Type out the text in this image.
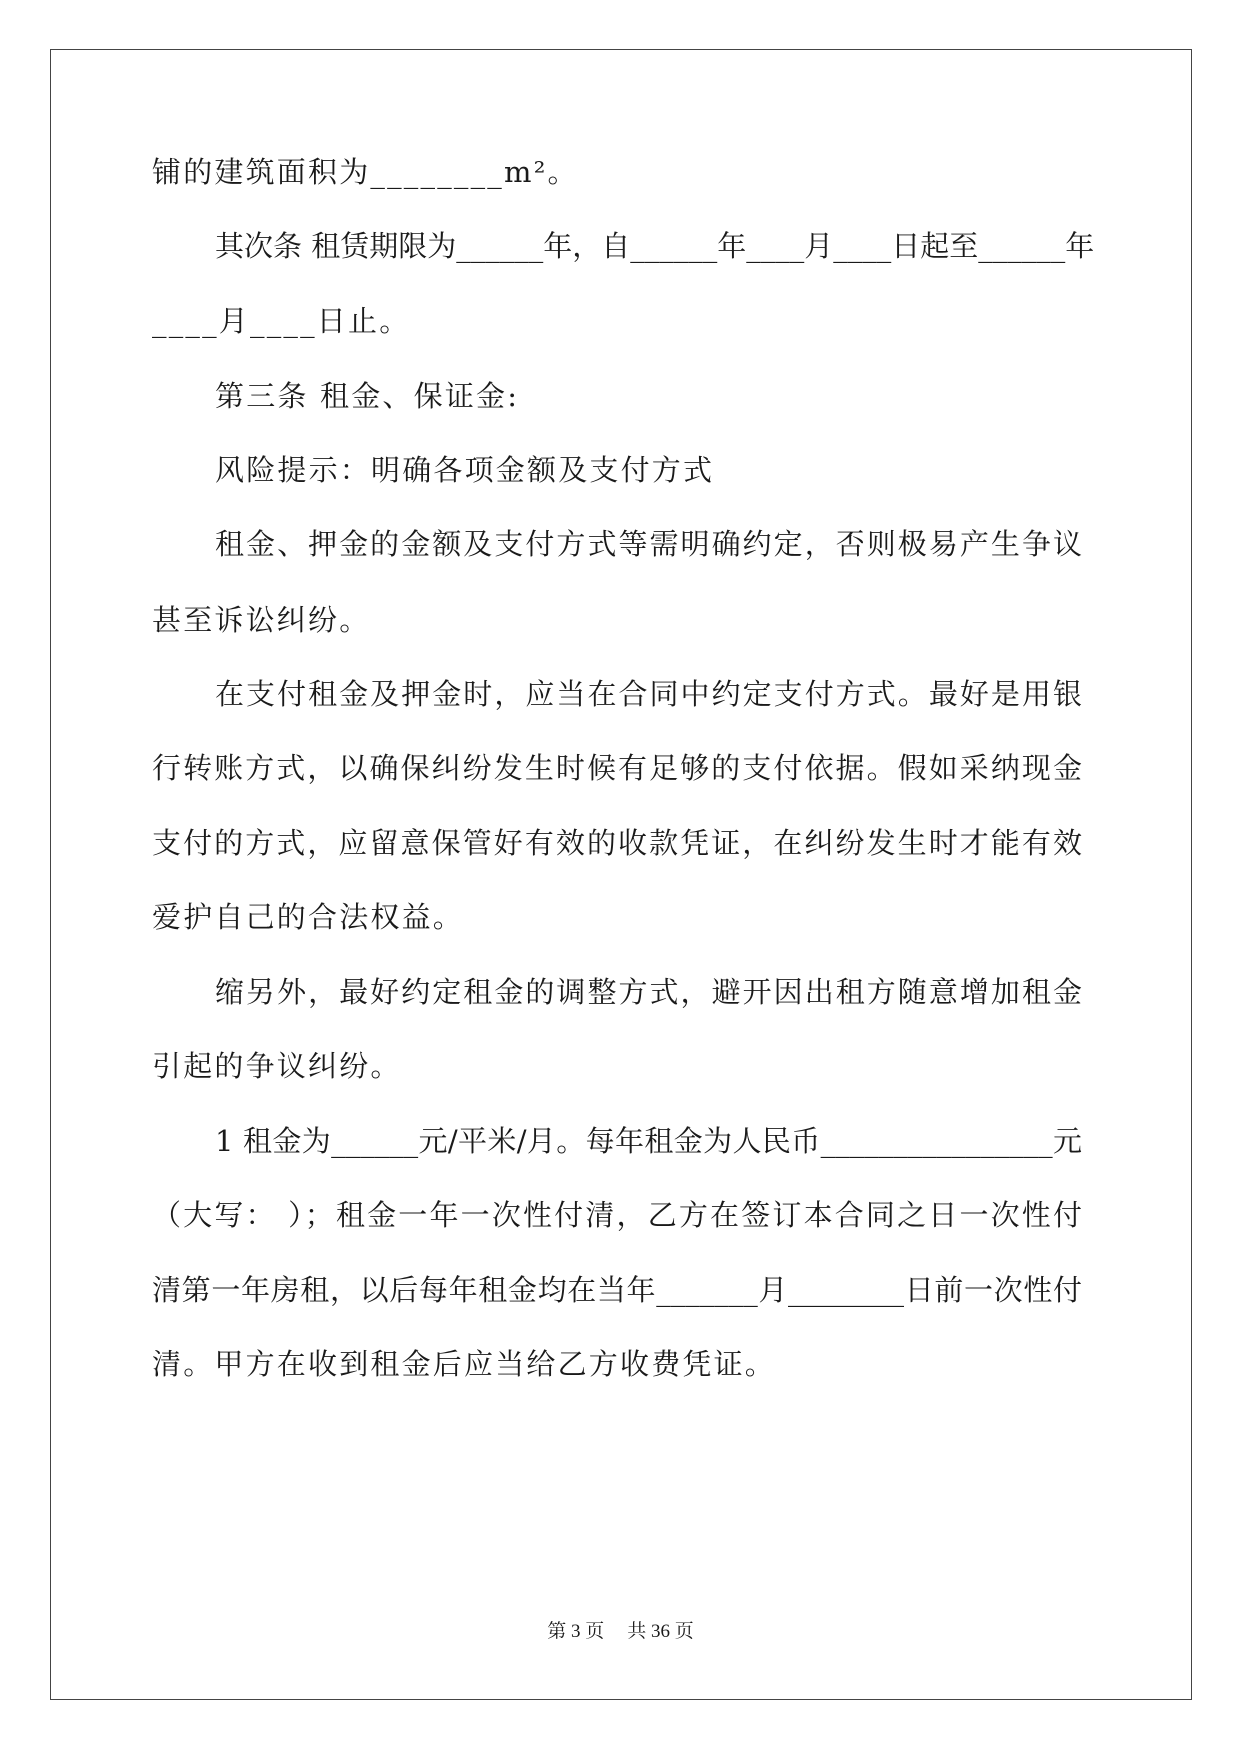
铺的建筑面积为________m²。
其次条 租赁期限为______年，自______年____月____日起至______年
____月____日止。
第三条 租金、保证金:
风险提示：明确各项金额及支付方式
租金、押金的金额及支付方式等需明确约定，否则极易产生争议
甚至诉讼纠纷。
在支付租金及押金时，应当在合同中约定支付方式。最好是用银
行转账方式，以确保纠纷发生时候有足够的支付依据。假如采纳现金
支付的方式，应留意保管好有效的收款凭证，在纠纷发生时才能有效
爱护自己的合法权益。
缩另外，最好约定租金的调整方式，避开因出租方随意增加租金
引起的争议纠纷。
1 租金为______元/平米/月。每年租金为人民币________________元
（大写： ）；租金一年一次性付清，乙方在签订本合同之日一次性付
清第一年房租，以后每年租金均在当年_______月________日前一次性付
清。甲方在收到租金后应当给乙方收费凭证。
第 3 页 共 36 页
